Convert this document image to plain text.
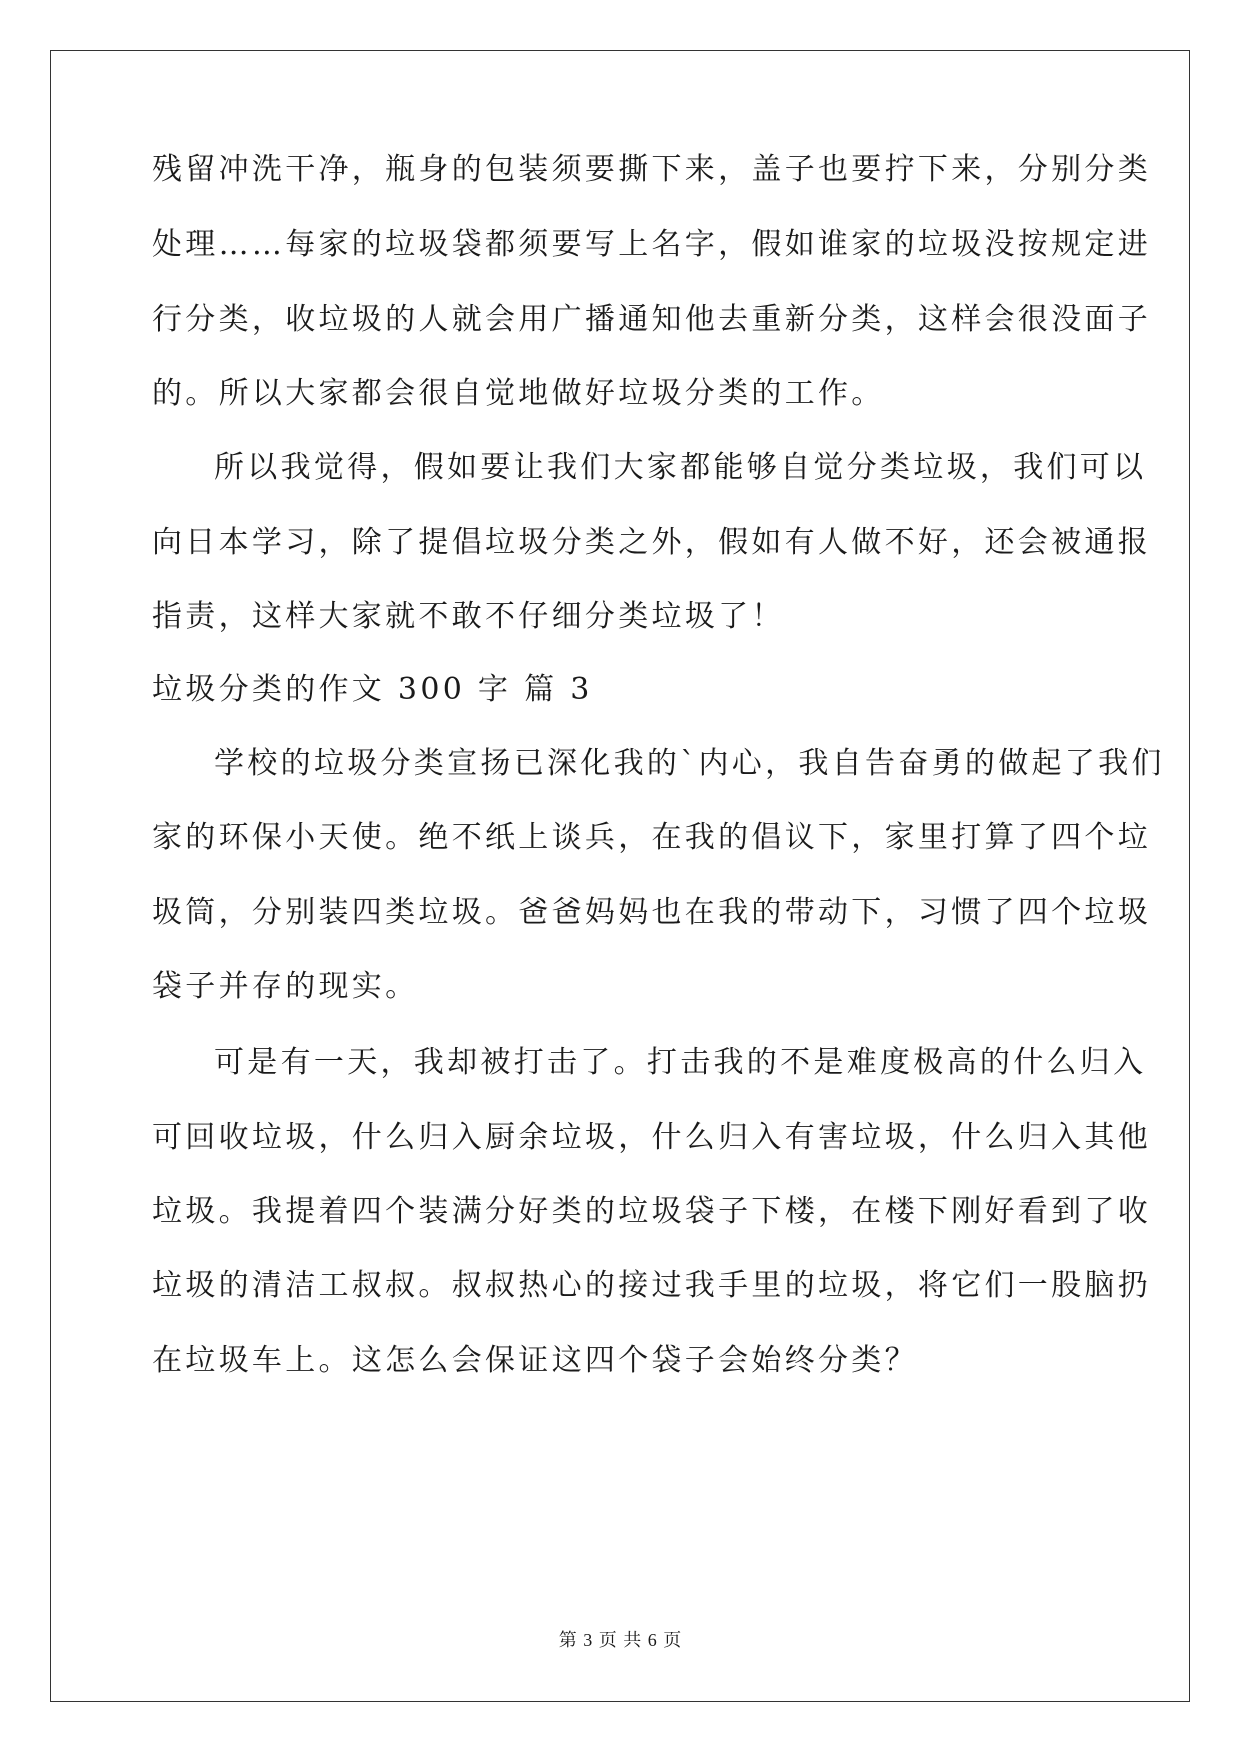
残留冲洗干净，瓶身的包装须要撕下来，盖子也要拧下来，分别分类
处理……每家的垃圾袋都须要写上名字，假如谁家的垃圾没按规定进
行分类，收垃圾的人就会用广播通知他去重新分类，这样会很没面子
的。所以大家都会很自觉地做好垃圾分类的工作。
所以我觉得，假如要让我们大家都能够自觉分类垃圾，我们可以
向日本学习，除了提倡垃圾分类之外，假如有人做不好，还会被通报
指责，这样大家就不敢不仔细分类垃圾了！
垃圾分类的作文 300 字 篇 3
学校的垃圾分类宣扬已深化我的`内心，我自告奋勇的做起了我们
家的环保小天使。绝不纸上谈兵，在我的倡议下，家里打算了四个垃
圾筒，分别装四类垃圾。爸爸妈妈也在我的带动下，习惯了四个垃圾
袋子并存的现实。
可是有一天，我却被打击了。打击我的不是难度极高的什么归入
可回收垃圾，什么归入厨余垃圾，什么归入有害垃圾，什么归入其他
垃圾。我提着四个装满分好类的垃圾袋子下楼，在楼下刚好看到了收
垃圾的清洁工叔叔。叔叔热心的接过我手里的垃圾，将它们一股脑扔
在垃圾车上。这怎么会保证这四个袋子会始终分类？
第 3 页 共 6 页
